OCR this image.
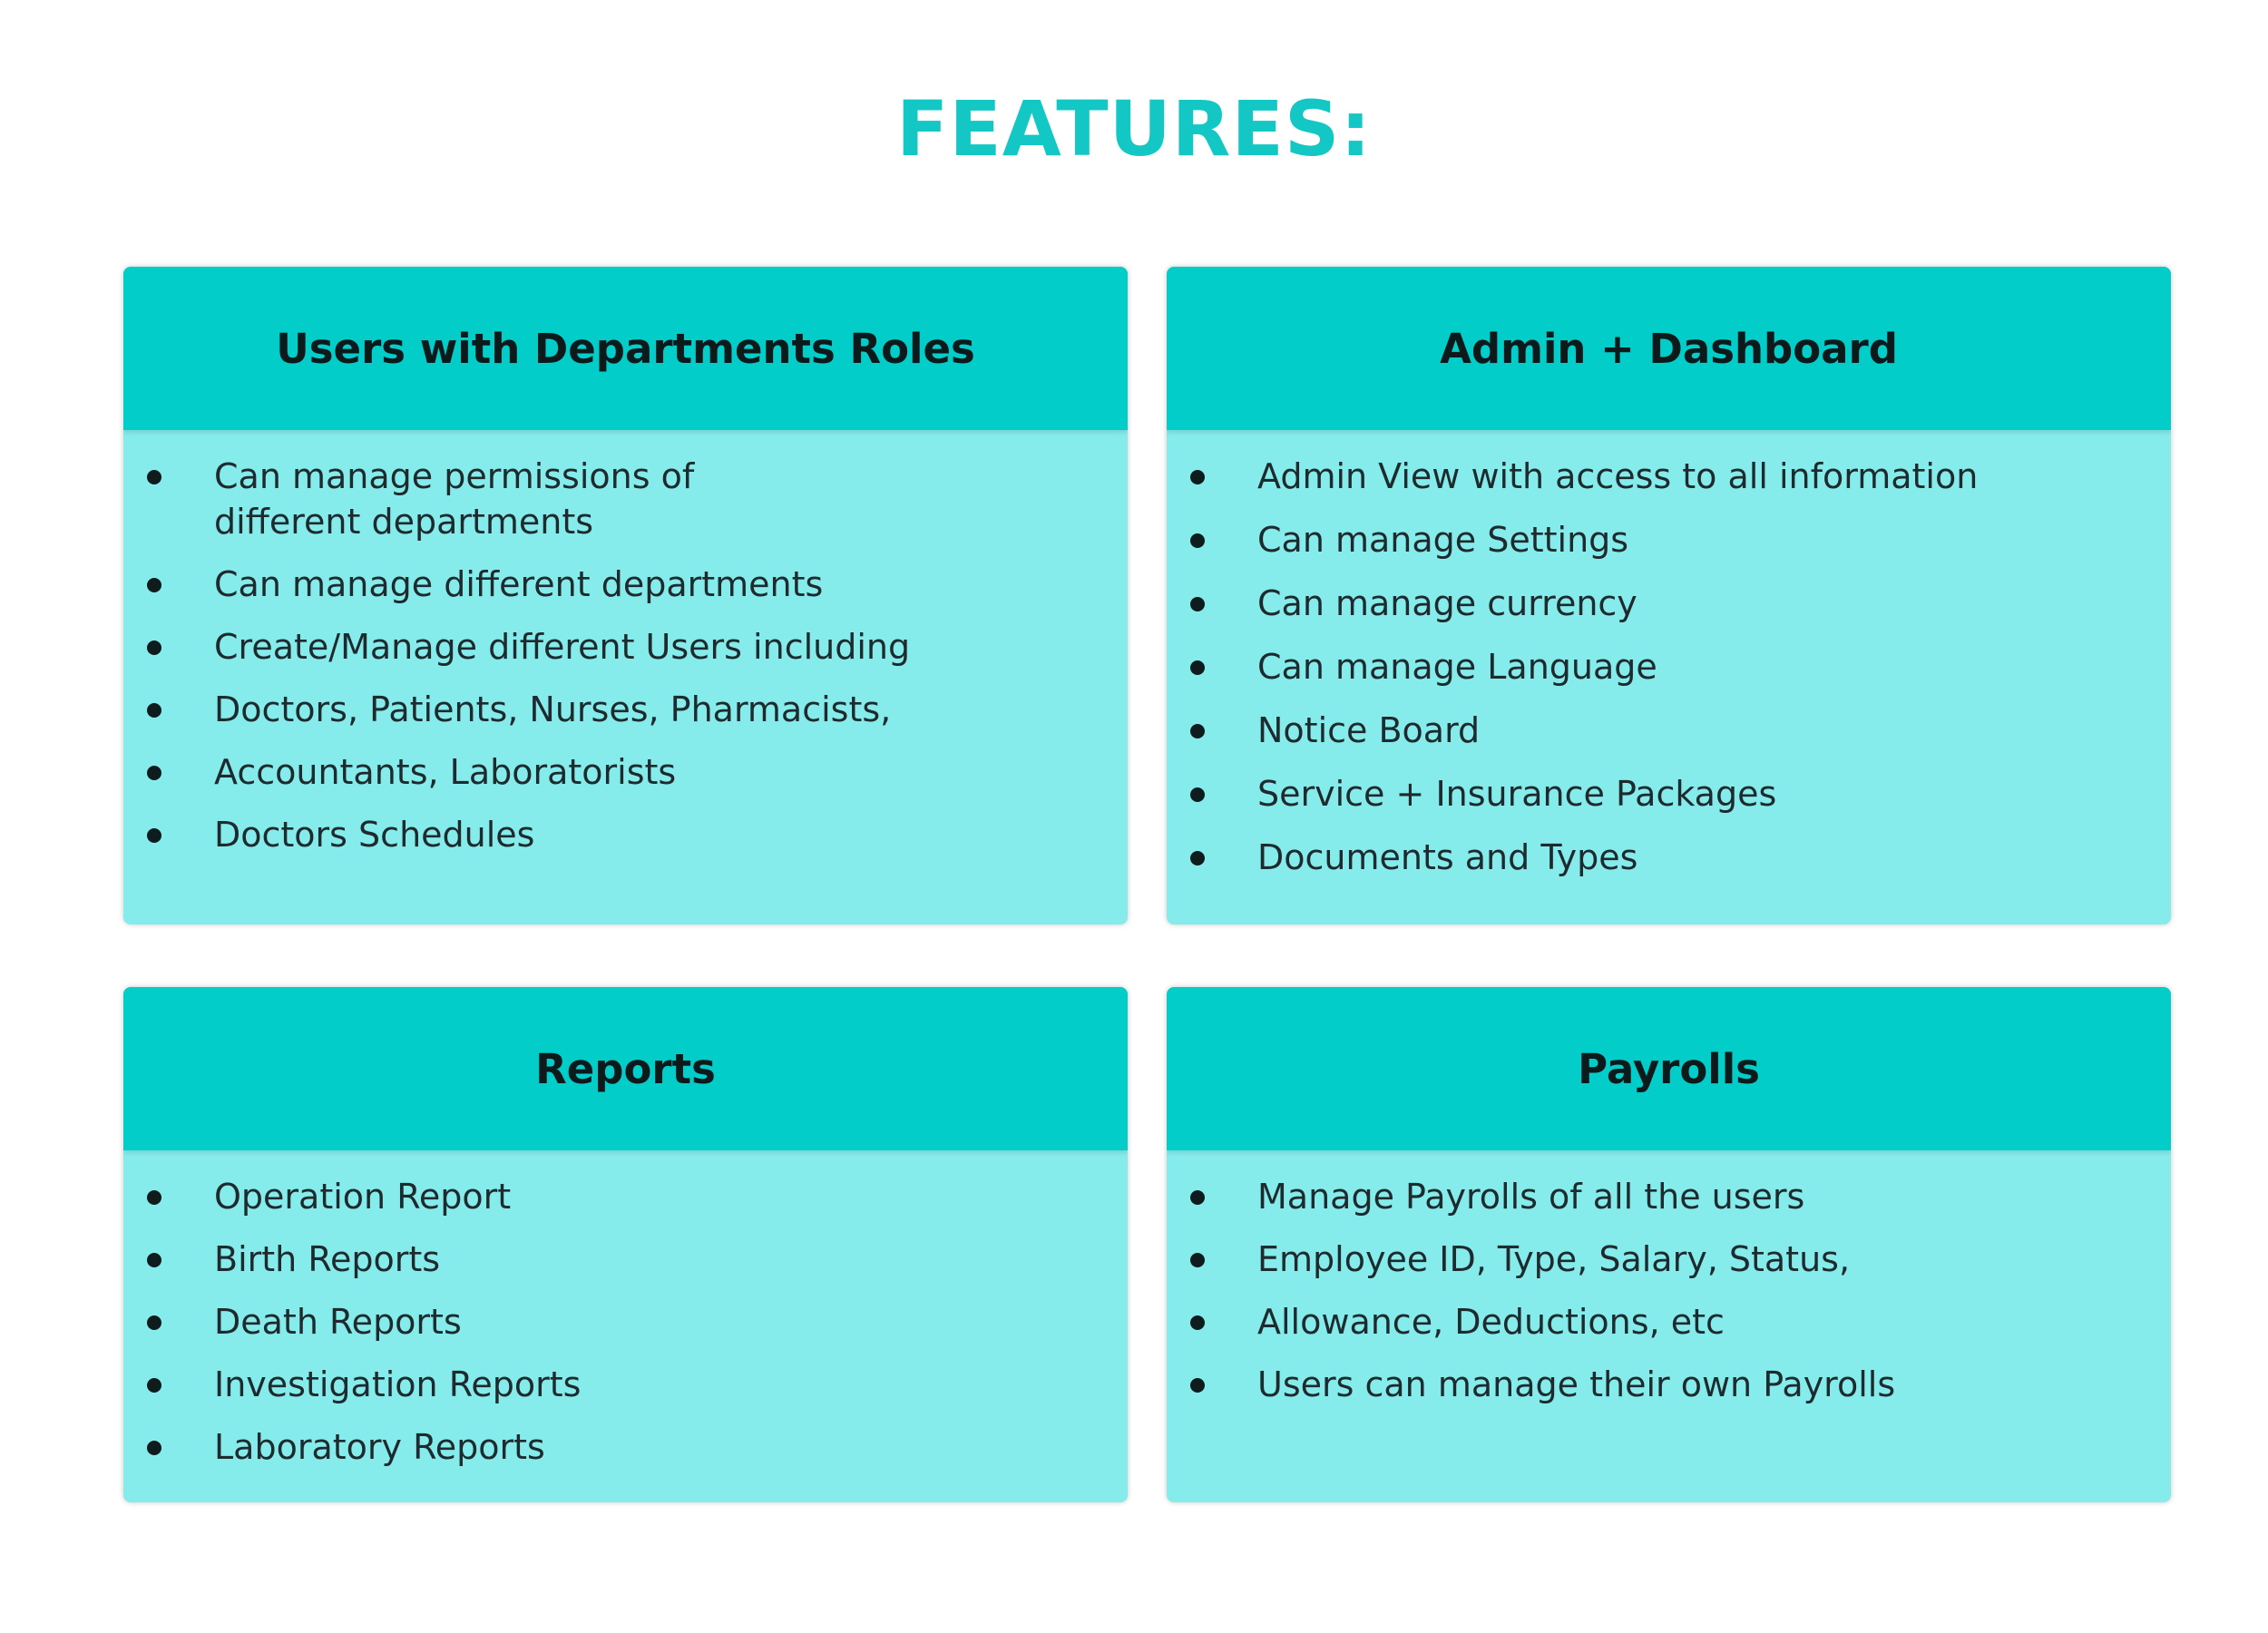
FEATURES:
Users with Departments Roles
Can manage permissions of different departments
Can manage different departments
Create/Manage different Users including
Doctors, Patients, Nurses, Pharmacists,
Accountants, Laboratorists
Doctors Schedules
Admin + Dashboard
Admin View with access to all information
Can manage Settings
Can manage currency
Can manage Language
Notice Board
Service + Insurance Packages
Documents and Types
Reports
Operation Report
Birth Reports
Death Reports
Investigation Reports
Laboratory Reports
Payrolls
Manage Payrolls of all the users
Employee ID, Type, Salary, Status,
Allowance, Deductions, etc
Users can manage their own Payrolls
